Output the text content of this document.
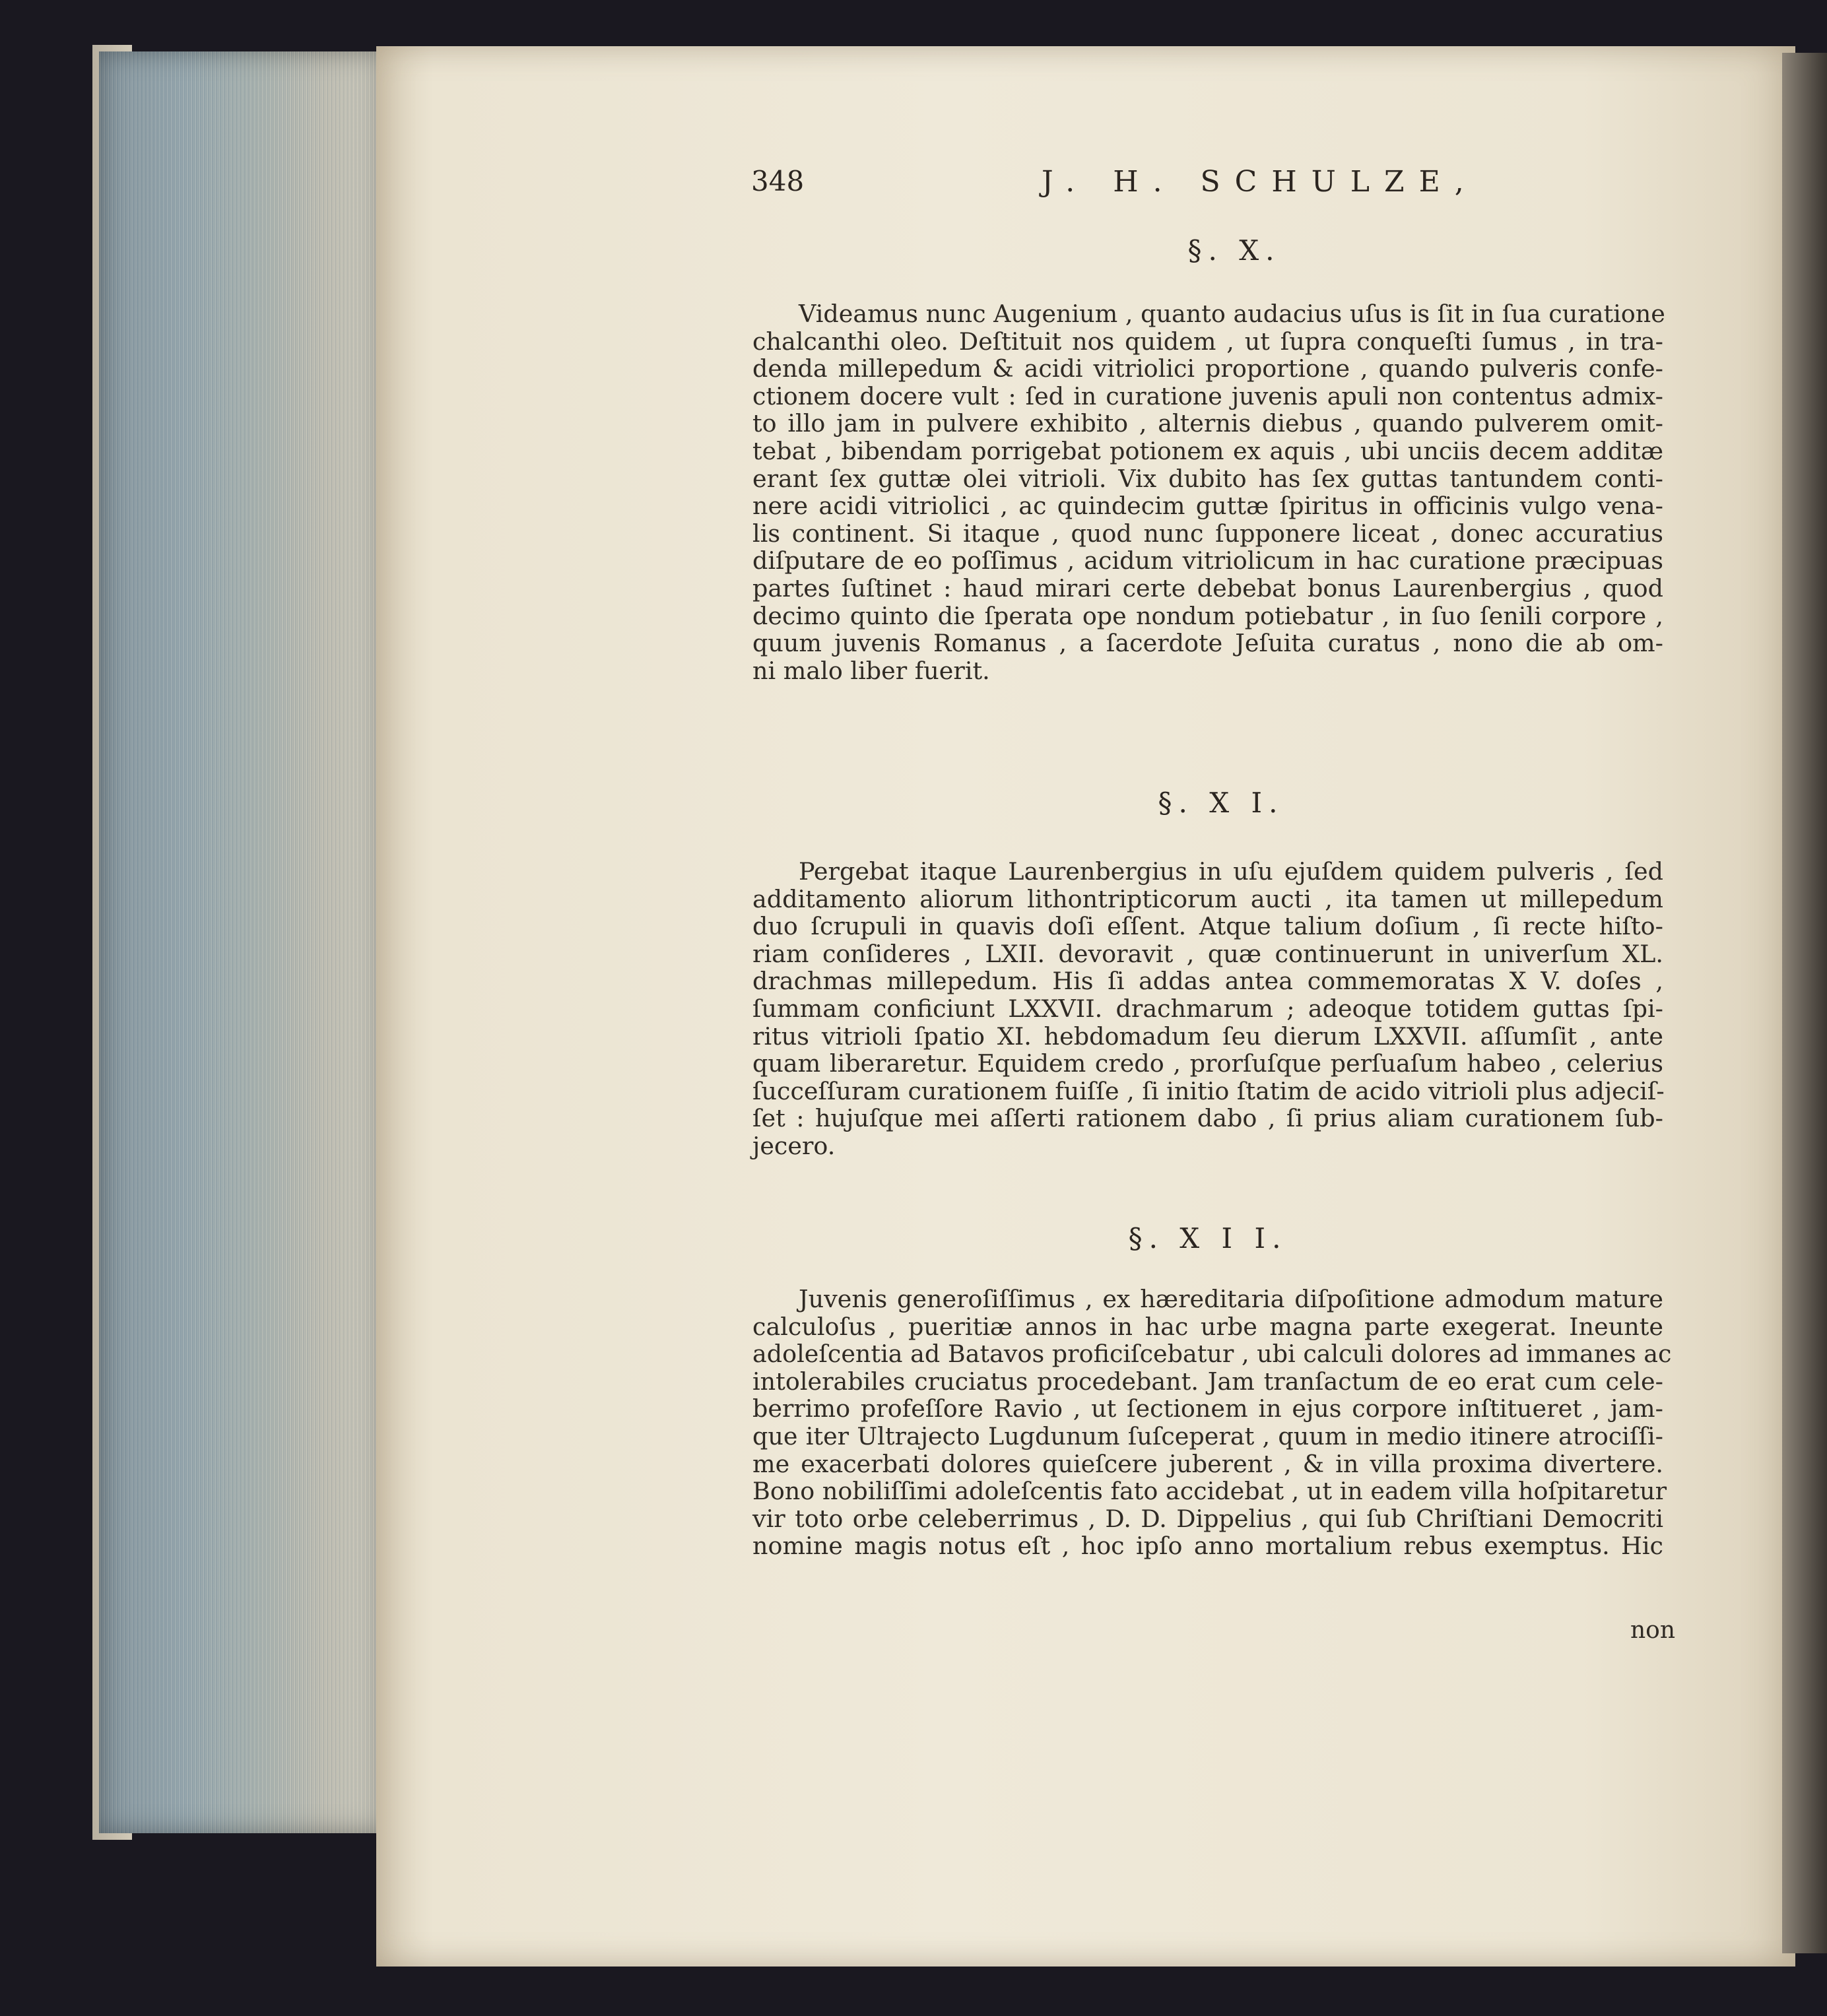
348	J. H. SCHULZE,
§. X.
Videamus nunc Augenium , quanto audacius uſus is ſit in ſua curatione
chalcanthi oleo. Deſtituit nos quidem , ut ſupra conqueſti ſumus , in tra-
denda millepedum & acidi vitriolici proportione , quando pulveris confe-
ctionem docere vult : ſed in curatione juvenis apuli non contentus admix-
to illo jam in pulvere exhibito , alternis diebus , quando pulverem omit-
tebat , bibendam porrigebat potionem ex aquis , ubi unciis decem additæ
erant ſex guttæ olei vitrioli. Vix dubito has ſex guttas tantundem conti-
nere acidi vitriolici , ac quindecim guttæ ſpiritus in officinis vulgo vena-
lis continent. Si itaque , quod nunc ſupponere liceat , donec accuratius
diſputare de eo poſſimus , acidum vitriolicum in hac curatione præcipuas
partes ſuſtinet : haud mirari certe debebat bonus Laurenbergius , quod
decimo quinto die ſperata ope nondum potiebatur , in ſuo ſenili corpore ,
quum juvenis Romanus , a ſacerdote Jeſuita curatus , nono die ab om-
ni malo liber fuerit.
§. X I.
Pergebat itaque Laurenbergius in uſu ejuſdem quidem pulveris , ſed
additamento aliorum lithontripticorum aucti , ita tamen ut millepedum
duo ſcrupuli in quavis doſi eſſent. Atque talium doſium , ſi recte hiſto-
riam conſideres , LXII. devoravit , quæ continuerunt in univerſum XL.
drachmas millepedum. His ſi addas antea commemoratas X V. doſes ,
ſummam conficiunt LXXVII. drachmarum ; adeoque totidem guttas ſpi-
ritus vitrioli ſpatio XI. hebdomadum ſeu dierum LXXVII. aſſumſit , ante
quam liberaretur. Equidem credo , prorſuſque perſuaſum habeo , celerius
ſucceſſuram curationem fuiſſe , ſi initio ſtatim de acido vitrioli plus adjeciſ-
ſet : hujuſque mei aſſerti rationem dabo , ſi prius aliam curationem ſub-
jecero.
§. X I I.
Juvenis generoſiſſimus , ex hæreditaria diſpoſitione admodum mature
calculoſus , pueritiæ annos in hac urbe magna parte exegerat. Ineunte
adoleſcentia ad Batavos proficiſcebatur , ubi calculi dolores ad immanes ac
intolerabiles cruciatus procedebant. Jam tranſactum de eo erat cum cele-
berrimo profeſſore Ravio , ut ſectionem in ejus corpore inſtitueret , jam-
que iter Ultrajecto Lugdunum ſuſceperat , quum in medio itinere atrociſſi-
me exacerbati dolores quieſcere juberent , & in villa proxima divertere.
Bono nobiliſſimi adoleſcentis fato accidebat , ut in eadem villa hoſpitaretur
vir toto orbe celeberrimus , D. D. Dippelius , qui ſub Chriſtiani Democriti
nomine magis notus eſt , hoc ipſo anno mortalium rebus exemptus. Hic
non
